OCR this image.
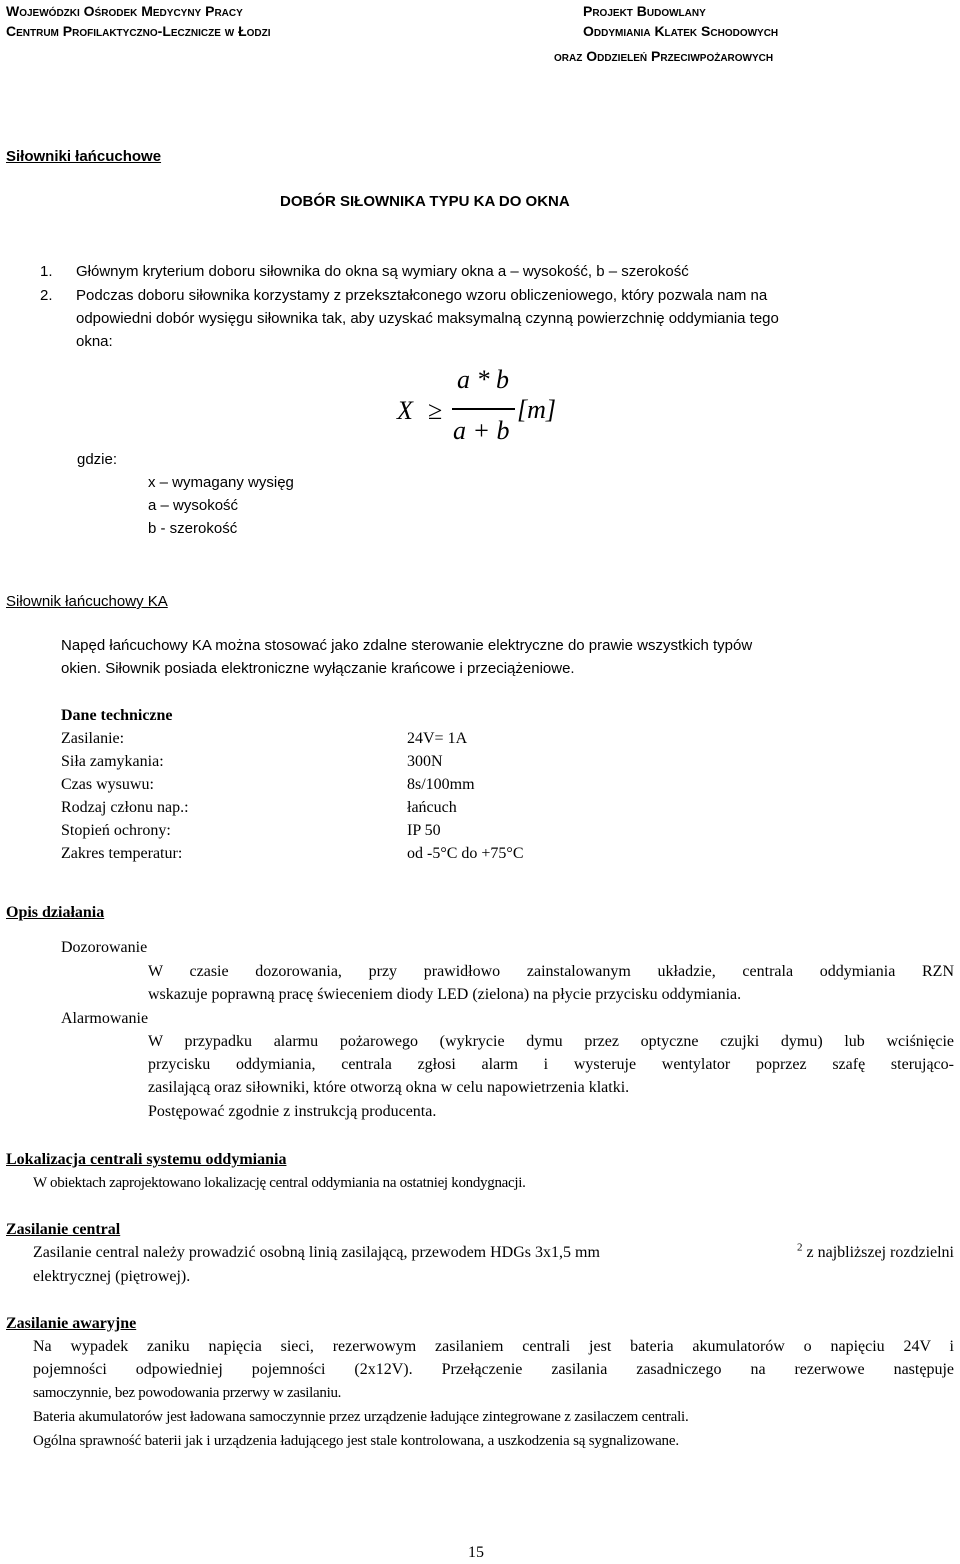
Wojewódzki Ośrodek Medycyny Pracy
Centrum Profilaktyczno-Lecznicze w Łodzi
Projekt Budowlany
Oddymiania Klatek Schodowych
oraz Oddzieleń Przeciwpożarowych
Siłowniki łańcuchowe
DOBÓR SIŁOWNIKA TYPU KA DO OKNA
1. Głównym kryterium doboru siłownika do okna są wymiary okna a – wysokość, b – szerokość
2. Podczas doboru siłownika korzystamy z przekształconego wzoru obliczeniowego, który pozwala nam na
odpowiedni dobór wysięgu siłownika tak, aby uzyskać maksymalną czynną powierzchnię oddymiania tego
okna:
X ≥
a * b
a + b
[m]
gdzie:
x – wymagany wysięg
a – wysokość
b - szerokość
Siłownik łańcuchowy KA
Napęd łańcuchowy KA można stosować jako zdalne sterowanie elektryczne do prawie wszystkich typów
okien. Siłownik posiada elektroniczne wyłączanie krańcowe i przeciążeniowe.
Dane techniczne
Zasilanie:	24V= 1A
Siła zamykania:	300N
Czas wysuwu:	8s/100mm
Rodzaj członu nap.:	łańcuch
Stopień ochrony:	IP 50
Zakres temperatur:	od -5°C do +75°C
Opis działania
Dozorowanie
W czasie dozorowania, przy prawidłowo zainstalowanym układzie, centrala oddymiania RZN
wskazuje poprawną pracę świeceniem diody LED (zielona) na płycie przycisku oddymiania.
Alarmowanie
W przypadku alarmu pożarowego (wykrycie dymu przez optyczne czujki dymu) lub wciśnięcie
przycisku oddymiania, centrala zgłosi alarm i wysteruje wentylator poprzez szafę sterująco-
zasilającą oraz siłowniki, które otworzą okna w celu napowietrzenia klatki.
Postępować zgodnie z instrukcją producenta.
Lokalizacja centrali systemu oddymiania
W obiektach zaprojektowano lokalizację central oddymiania na ostatniej kondygnacji.
Zasilanie central
Zasilanie central należy prowadzić osobną linią zasilającą, przewodem HDGs 3x1,5 mm	$^2$ z najbliższej rozdzielni
elektrycznej (piętrowej).
Zasilanie awaryjne
Na wypadek zaniku napięcia sieci, rezerwowym zasilaniem centrali jest bateria akumulatorów o napięciu 24V i
pojemności odpowiedniej pojemności (2x12V). Przełączenie zasilania zasadniczego na rezerwowe następuje
samoczynnie, bez powodowania przerwy w zasilaniu.
Bateria akumulatorów jest ładowana samoczynnie przez urządzenie ładujące zintegrowane z zasilaczem centrali.
Ogólna sprawność baterii jak i urządzenia ładującego jest stale kontrolowana, a uszkodzenia są sygnalizowane.
15
